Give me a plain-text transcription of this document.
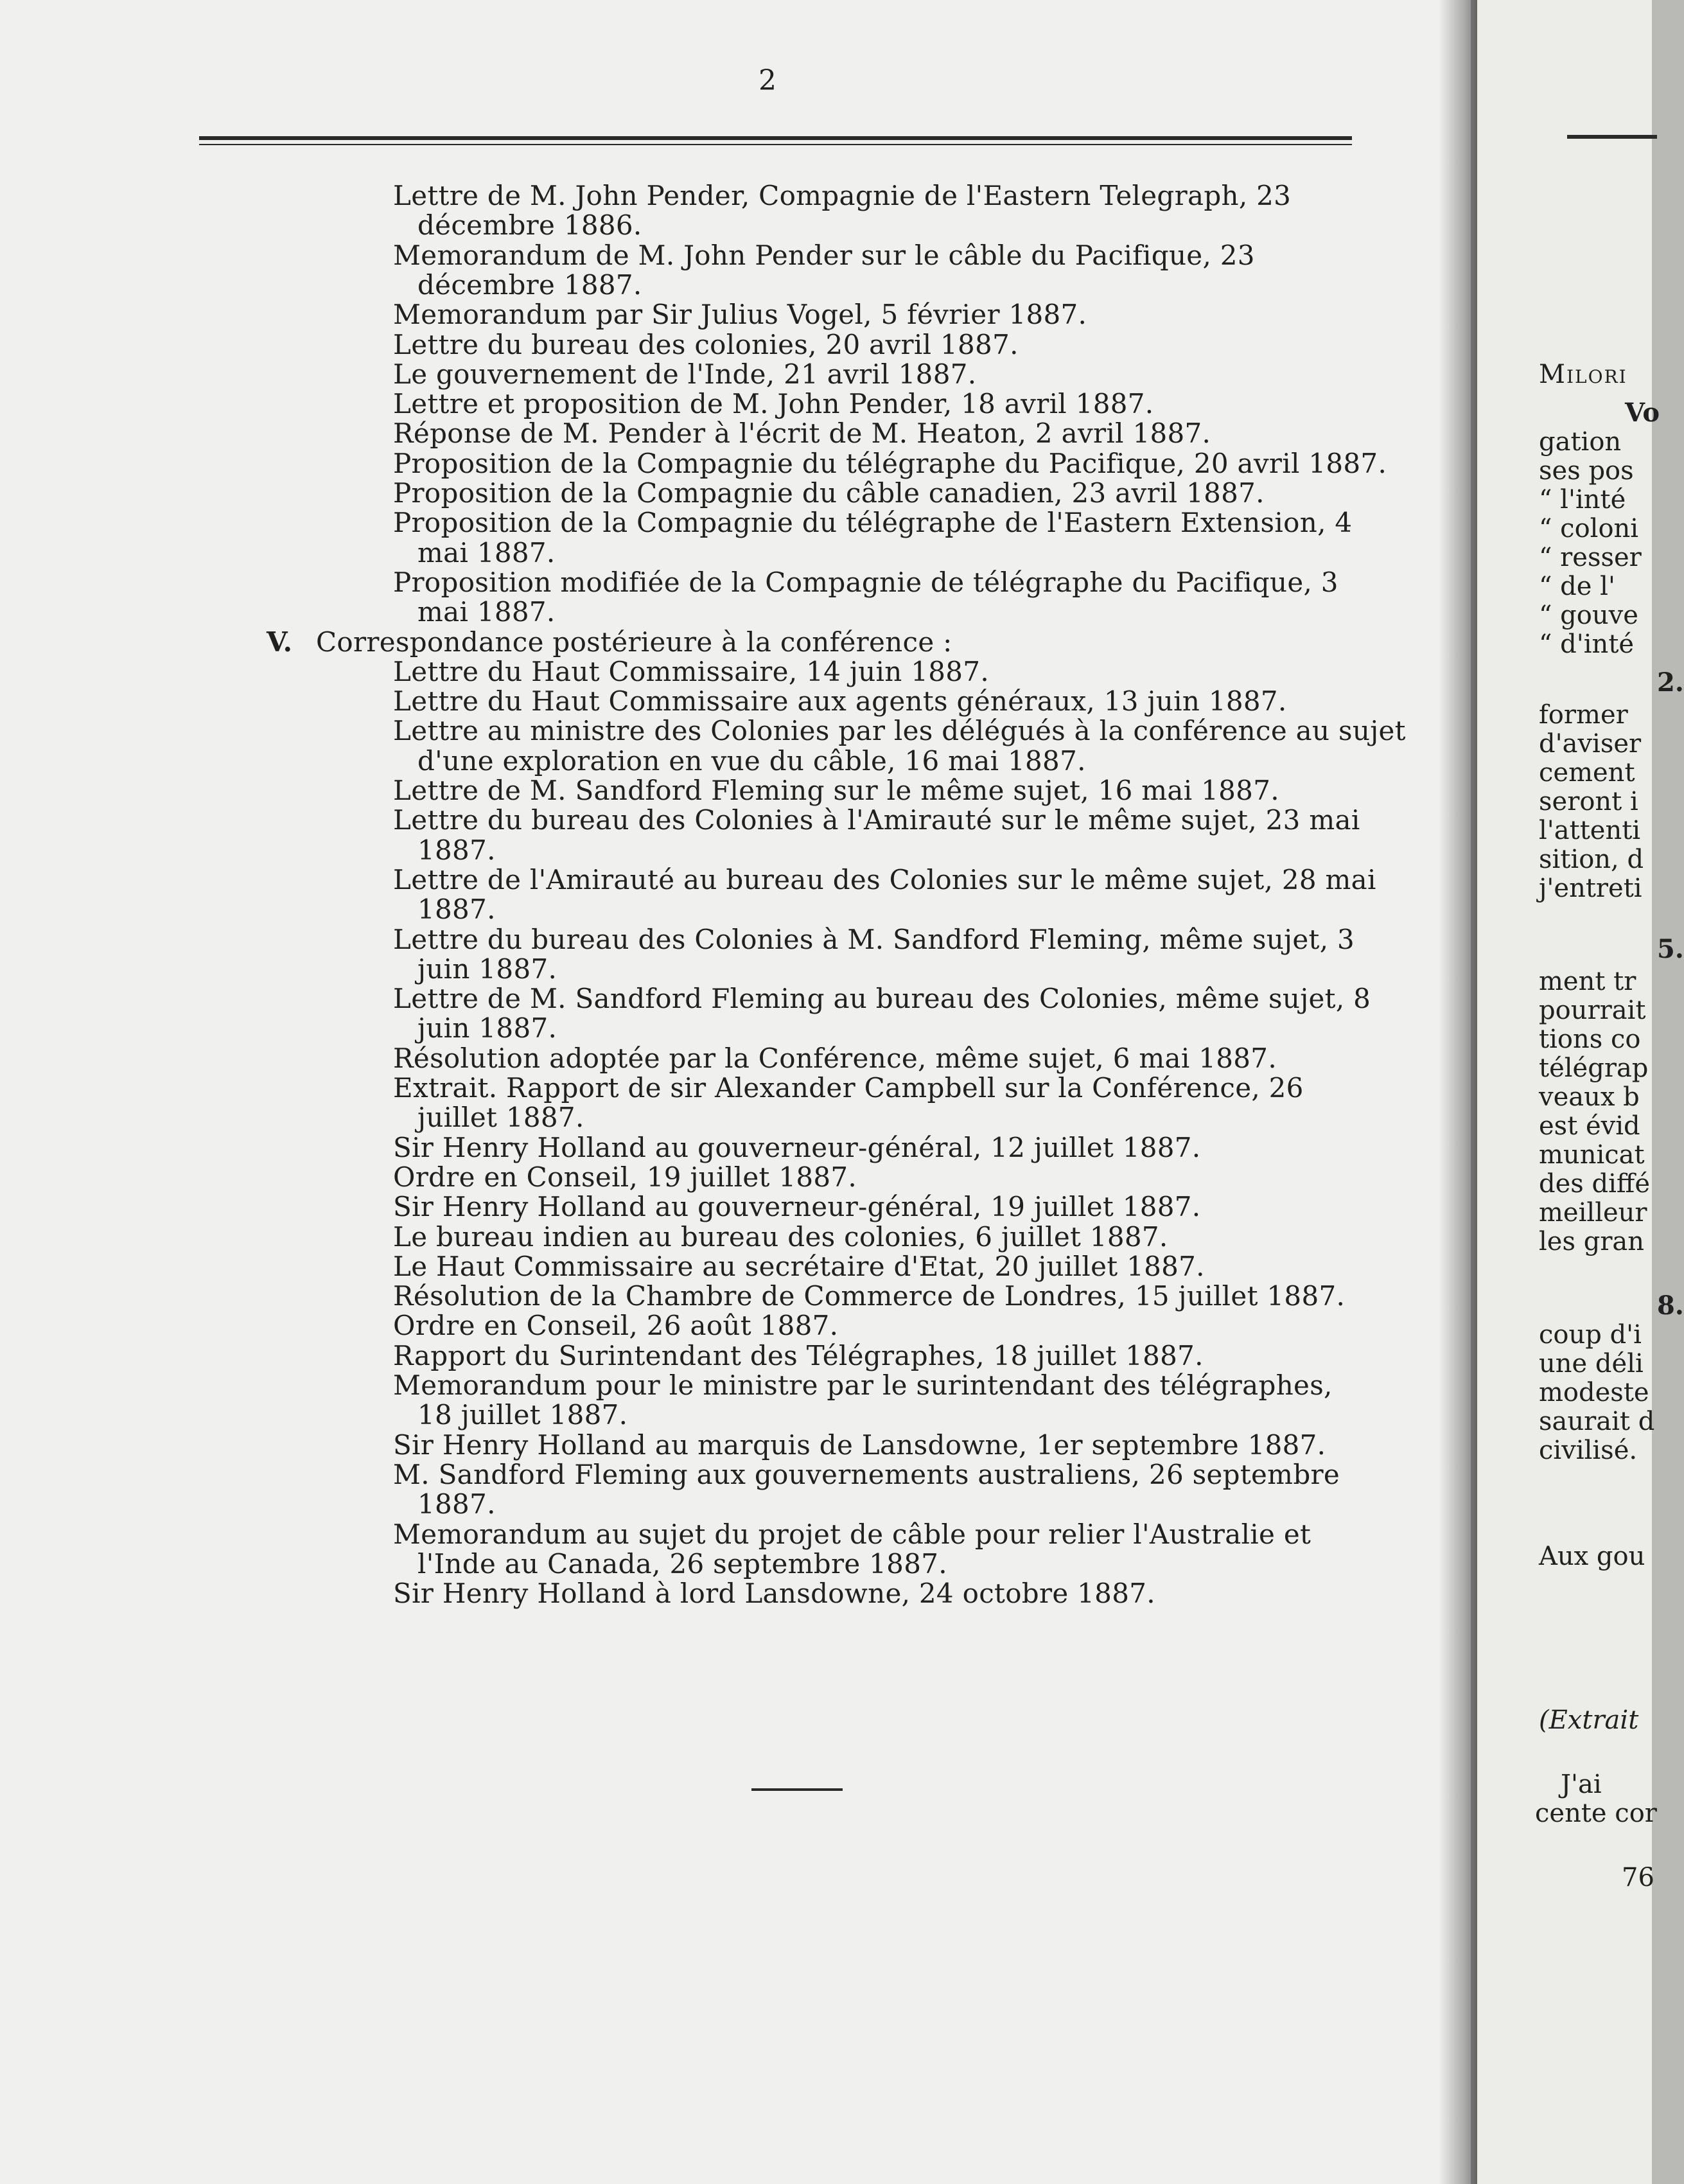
2
Lettre de M. John Pender, Compagnie de l'Eastern Telegraph, 23
décembre 1886.
Memorandum de M. John Pender sur le câble du Pacifique, 23
décembre 1887.
Memorandum par Sir Julius Vogel, 5 février 1887.
Lettre du bureau des colonies, 20 avril 1887.
Le gouvernement de l'Inde, 21 avril 1887.
Lettre et proposition de M. John Pender, 18 avril 1887.
Réponse de M. Pender à l'écrit de M. Heaton, 2 avril 1887.
Proposition de la Compagnie du télégraphe du Pacifique, 20 avril 1887.
Proposition de la Compagnie du câble canadien, 23 avril 1887.
Proposition de la Compagnie du télégraphe de l'Eastern Extension, 4
mai 1887.
Proposition modifiée de la Compagnie de télégraphe du Pacifique, 3
mai 1887.
V. Correspondance postérieure à la conférence :
Lettre du Haut Commissaire, 14 juin 1887.
Lettre du Haut Commissaire aux agents généraux, 13 juin 1887.
Lettre au ministre des Colonies par les délégués à la conférence au sujet
d'une exploration en vue du câble, 16 mai 1887.
Lettre de M. Sandford Fleming sur le même sujet, 16 mai 1887.
Lettre du bureau des Colonies à l'Amirauté sur le même sujet, 23 mai
1887.
Lettre de l'Amirauté au bureau des Colonies sur le même sujet, 28 mai
1887.
Lettre du bureau des Colonies à M. Sandford Fleming, même sujet, 3
juin 1887.
Lettre de M. Sandford Fleming au bureau des Colonies, même sujet, 8
juin 1887.
Résolution adoptée par la Conférence, même sujet, 6 mai 1887.
Extrait. Rapport de sir Alexander Campbell sur la Conférence, 26
juillet 1887.
Sir Henry Holland au gouverneur-général, 12 juillet 1887.
Ordre en Conseil, 19 juillet 1887.
Sir Henry Holland au gouverneur-général, 19 juillet 1887.
Le bureau indien au bureau des colonies, 6 juillet 1887.
Le Haut Commissaire au secrétaire d'Etat, 20 juillet 1887.
Résolution de la Chambre de Commerce de Londres, 15 juillet 1887.
Ordre en Conseil, 26 août 1887.
Rapport du Surintendant des Télégraphes, 18 juillet 1887.
Memorandum pour le ministre par le surintendant des télégraphes,
18 juillet 1887.
Sir Henry Holland au marquis de Lansdowne, 1er septembre 1887.
M. Sandford Fleming aux gouvernements australiens, 26 septembre
1887.
Memorandum au sujet du projet de câble pour relier l'Australie et
l'Inde au Canada, 26 septembre 1887.
Sir Henry Holland à lord Lansdowne, 24 octobre 1887.
Milori
Vo
gation
ses pos
“ l'inté
“ coloni
“ resser
“ de l'
“ gouve
“ d'inté
2.
former
d'aviser
cement
seront i
l'attenti
sition, d
j'entreti
5.
ment tr
pourrait
tions co
télégrap
veaux b
est évid
municat
des diffé
meilleur
les gran
8.
coup d'i
une déli
modeste
saurait d
civilisé.
Aux gou
(Extrait
J'ai
cente cor
76
